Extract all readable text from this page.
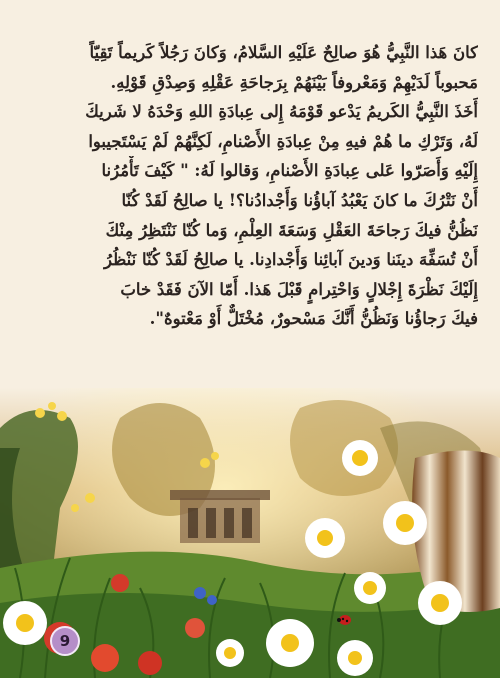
كانَ هَذا النَّبِيُّ هُوَ صالِحٌ عَلَيْهِ السَّلامُ، وَكانَ رَجُلاً كَريماً تَقِيّاً
مَحبوباً لَدَيْهِمْ وَمَعْروفاً بَيْنَهُمْ بِرَجاحَةِ عَقْلِهِ وَصِدْقِ قَوْلِهِ.
أَخَذَ النَّبِيُّ الكَريمُ يَدْعو قَوْمَهُ إِلى عِبادَةِ اللهِ وَحْدَهُ لا شَريكَ
لَهُ، وَتَرْكِ ما هُمْ فيهِ مِنْ عِبادَةِ الأَصْنامِ، لَكِنَّهُمْ لَمْ يَسْتَجيبوا
إِلَيْهِ وَأَصَرّوا عَلى عِبادَةِ الأَصْنامِ، وَقالوا لَهُ: " كَيْفَ تَأْمُرُنا
أَنْ نَتْرُكَ ما كانَ يَعْبُدُ آباؤُنا وَأَجْدادُنا؟! يا صالِحُ لَقَدْ كُنّا
نَظُنُّ فيكَ رَجاحَةَ العَقْلِ وَسَعَةَ العِلْمِ، وَما كُنّا نَنْتَظِرُ مِنْكَ
أَنْ تُسَفِّهَ دينَنا وَدينَ آبائِنا وَأَجْدادِنا. يا صالِحُ لَقَدْ كُنّا نَنْظُرُ
إِلَيْكَ نَظْرَةَ إِجْلالٍ وَاحْتِرامٍ قَبْلَ هَذا. أَمّا الآنَ فَقَدْ خابَ
فيكَ رَجاؤُنا وَنَظُنُّ أَنَّكَ مَسْحورٌ، مُخْتَلٌّ أَوْ مَعْتوهٌ".
9
